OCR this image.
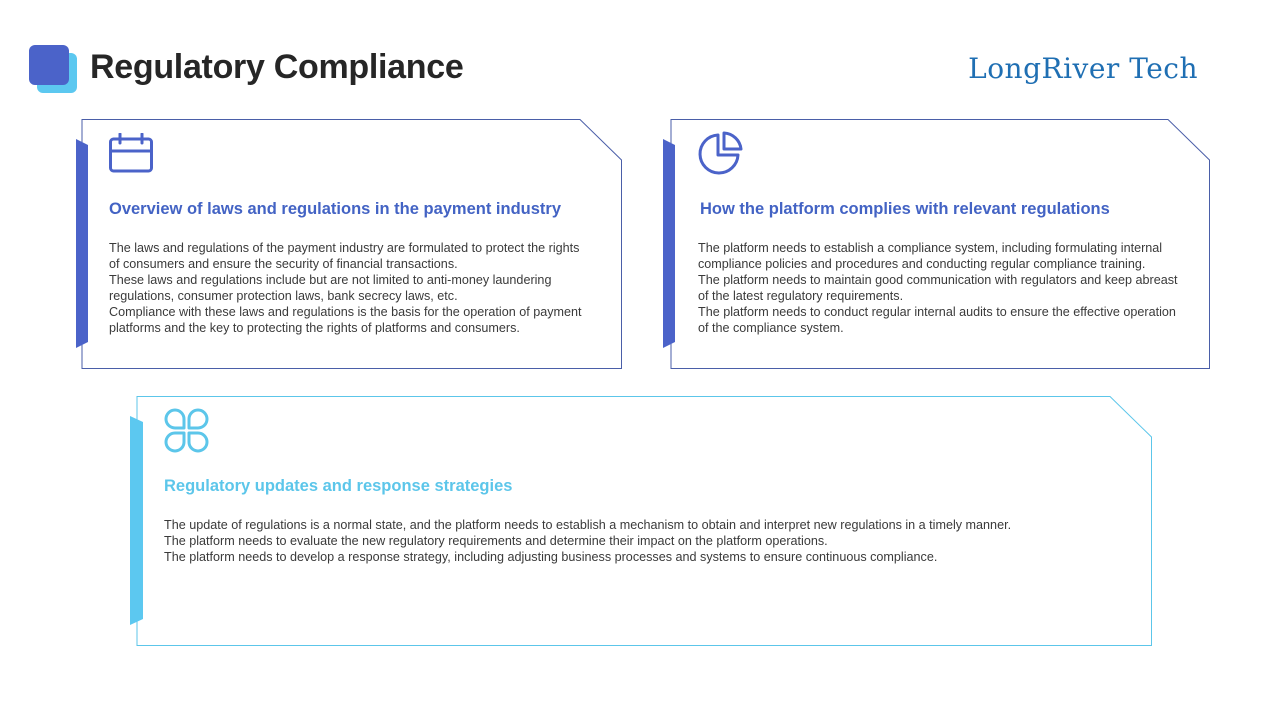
Regulatory Compliance	LongRiver Tech
Overview of laws and regulations in the payment industry
The laws and regulations of the payment industry are formulated to protect the rights of consumers and ensure the security of financial transactions.
These laws and regulations include but are not limited to anti-money laundering regulations, consumer protection laws, bank secrecy laws, etc.
Compliance with these laws and regulations is the basis for the operation of payment platforms and the key to protecting the rights of platforms and consumers.
How the platform complies with relevant regulations
The platform needs to establish a compliance system, including formulating internal compliance policies and procedures and conducting regular compliance training.
The platform needs to maintain good communication with regulators and keep abreast of the latest regulatory requirements.
The platform needs to conduct regular internal audits to ensure the effective operation of the compliance system.
Regulatory updates and response strategies
The update of regulations is a normal state, and the platform needs to establish a mechanism to obtain and interpret new regulations in a timely manner.
The platform needs to evaluate the new regulatory requirements and determine their impact on the platform operations.
The platform needs to develop a response strategy, including adjusting business processes and systems to ensure continuous compliance.
